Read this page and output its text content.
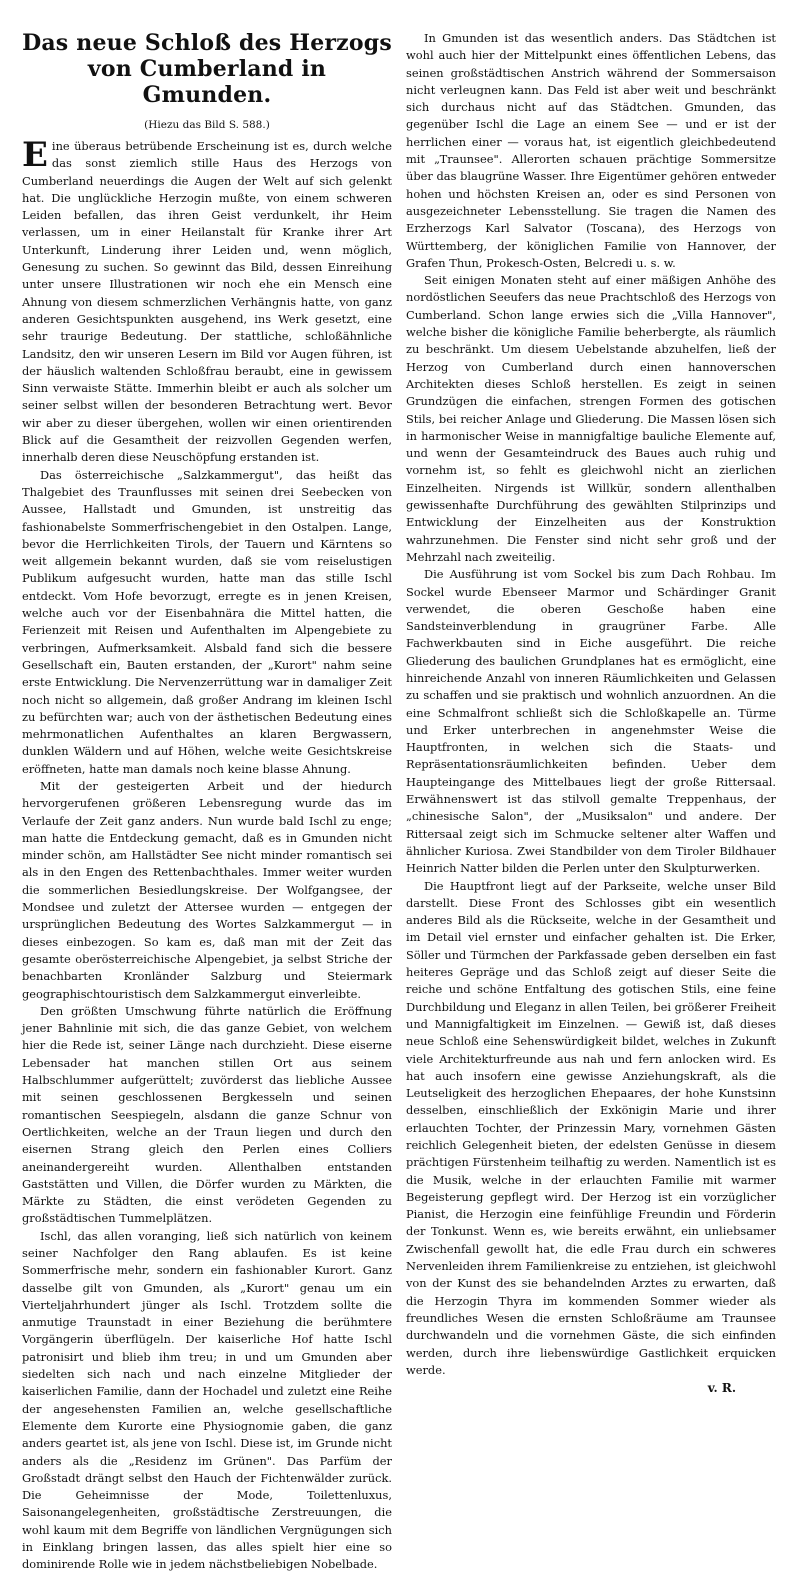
Das neue Schloß des Herzogs von Cumberland in Gmunden.
(Hiezu das Bild S. 588.)

Eine überaus betrübende Erscheinung ist es, durch welche das sonst ziemlich stille Haus des Herzogs von Cumberland neuerdings die Augen der Welt auf sich gelenkt hat. Die unglückliche Herzogin mußte, von einem schweren Leiden befallen, das ihren Geist verdunkelt, ihr Heim verlassen, um in einer Heilanstalt für Kranke ihrer Art Unterkunft, Linderung ihrer Leiden und, wenn möglich, Genesung zu suchen. So gewinnt das Bild, dessen Einreihung unter unsere Illustrationen wir noch ehe ein Mensch eine Ahnung von diesem schmerzlichen Verhängnis hatte, von ganz anderen Gesichtspunkten ausgehend, ins Werk gesetzt, eine sehr traurige Bedeutung. Der stattliche, schloßähnliche Landsitz, den wir unseren Lesern im Bild vor Augen führen, ist der häuslich waltenden Schloßfrau beraubt, eine in gewissem Sinn verwaiste Stätte. Immerhin bleibt er auch als solcher um seiner selbst willen der besonderen Betrachtung wert. Bevor wir aber zu dieser übergehen, wollen wir einen orientirenden Blick auf die Gesamtheit der reizvollen Gegenden werfen, innerhalb deren diese Neuschöpfung erstanden ist.

Das österreichische „Salzkammergut", das heißt das Thalgebiet des Traunflusses mit seinen drei Seebecken von Aussee, Hallstadt und Gmunden, ist unstreitig das fashionabelste Sommerfrischengebiet in den Ostalpen. Lange, bevor die Herrlichkeiten Tirols, der Tauern und Kärntens so weit allgemein bekannt wurden, daß sie vom reiselustigen Publikum aufgesucht wurden, hatte man das stille Ischl entdeckt. Vom Hofe bevorzugt, erregte es in jenen Kreisen, welche auch vor der Eisenbahnära die Mittel hatten, die Ferienzeit mit Reisen und Aufenthalten im Alpengebiete zu verbringen, Aufmerksamkeit. Alsbald fand sich die bessere Gesellschaft ein, Bauten erstanden, der „Kurort" nahm seine erste Entwicklung. Die Nervenzerrüttung war in damaliger Zeit noch nicht so allgemein, daß großer Andrang im kleinen Ischl zu befürchten war; auch von der ästhetischen Bedeutung eines mehrmonatlichen Aufenthaltes an klaren Bergwassern, dunklen Wäldern und auf Höhen, welche weite Gesichtskreise eröffneten, hatte man damals noch keine blasse Ahnung.

Mit der gesteigerten Arbeit und der hiedurch hervorgerufenen größeren Lebensregung wurde das im Verlaufe der Zeit ganz anders. Nun wurde bald Ischl zu enge; man hatte die Entdeckung gemacht, daß es in Gmunden nicht minder schön, am Hallstädter See nicht minder romantisch sei als in den Engen des Rettenbachthales. Immer weiter wurden die sommerlichen Besiedlungskreise. Der Wolfgangsee, der Mondsee und zuletzt der Attersee wurden — entgegen der ursprünglichen Bedeutung des Wortes Salzkammergut — in dieses einbezogen. So kam es, daß man mit der Zeit das gesamte oberösterreichische Alpengebiet, ja selbst Striche der benachbarten Kronländer Salzburg und Steiermark geographischtouristisch dem Salzkammergut einverleibte.

Den größten Umschwung führte natürlich die Eröffnung jener Bahnlinie mit sich, die das ganze Gebiet, von welchem hier die Rede ist, seiner Länge nach durchzieht. Diese eiserne Lebensader hat manchen stillen Ort aus seinem Halbschlummer aufgerüttelt; zuvörderst das liebliche Aussee mit seinen geschlossenen Bergkesseln und seinen romantischen Seespiegeln, alsdann die ganze Schnur von Oertlichkeiten, welche an der Traun liegen und durch den eisernen Strang gleich den Perlen eines Colliers aneinandergereiht wurden. Allenthalben entstanden Gaststätten und Villen, die Dörfer wurden zu Märkten, die Märkte zu Städten, die einst verödeten Gegenden zu großstädtischen Tummelplätzen.

Ischl, das allen voranging, ließ sich natürlich von keinem seiner Nachfolger den Rang ablaufen. Es ist keine Sommerfrische mehr, sondern ein fashionabler Kurort. Ganz dasselbe gilt von Gmunden, als „Kurort" genau um ein Vierteljahrhundert jünger als Ischl. Trotzdem sollte die anmutige Traunstadt in einer Beziehung die berühmtere Vorgängerin überflügeln. Der kaiserliche Hof hatte Ischl patronisirt und blieb ihm treu; in und um Gmunden aber siedelten sich nach und nach einzelne Mitglieder der kaiserlichen Familie, dann der Hochadel und zuletzt eine Reihe der angesehensten Familien an, welche gesellschaftliche Elemente dem Kurorte eine Physiognomie gaben, die ganz anders geartet ist, als jene von Ischl. Diese ist, im Grunde nicht anders als die „Residenz im Grünen". Das Parfüm der Großstadt drängt selbst den Hauch der Fichtenwälder zurück. Die Geheimnisse der Mode, Toilettenluxus, Saisonangelegenheiten, großstädtische Zerstreuungen, die wohl kaum mit dem Begriffe von ländlichen Vergnügungen sich in Einklang bringen lassen, das alles spielt hier eine so dominirende Rolle wie in jedem nächstbeliebigen Nobelbade.

In Gmunden ist das wesentlich anders. Das Städtchen ist wohl auch hier der Mittelpunkt eines öffentlichen Lebens, das seinen großstädtischen Anstrich während der Sommersaison nicht verleugnen kann. Das Feld ist aber weit und beschränkt sich durchaus nicht auf das Städtchen. Gmunden, das gegenüber Ischl die Lage an einem See — und er ist der herrlichen einer — voraus hat, ist eigentlich gleichbedeutend mit „Traunsee". Allerorten schauen prächtige Sommersitze über das blaugrüne Wasser. Ihre Eigentümer gehören entweder hohen und höchsten Kreisen an, oder es sind Personen von ausgezeichneter Lebensstellung. Sie tragen die Namen des Erzherzogs Karl Salvator (Toscana), des Herzogs von Württemberg, der königlichen Familie von Hannover, der Grafen Thun, Prokesch-Osten, Belcredi u. s. w.

Seit einigen Monaten steht auf einer mäßigen Anhöhe des nordöstlichen Seeufers das neue Prachtschloß des Herzogs von Cumberland. Schon lange erwies sich die „Villa Hannover", welche bisher die königliche Familie beherbergte, als räumlich zu beschränkt. Um diesem Uebelstande abzuhelfen, ließ der Herzog von Cumberland durch einen hannoverschen Architekten dieses Schloß herstellen. Es zeigt in seinen Grundzügen die einfachen, strengen Formen des gotischen Stils, bei reicher Anlage und Gliederung. Die Massen lösen sich in harmonischer Weise in mannigfaltige bauliche Elemente auf, und wenn der Gesamteindruck des Baues auch ruhig und vornehm ist, so fehlt es gleichwohl nicht an zierlichen Einzelheiten. Nirgends ist Willkür, sondern allenthalben gewissenhafte Durchführung des gewählten Stilprinzips und Entwicklung der Einzelheiten aus der Konstruktion wahrzunehmen. Die Fenster sind nicht sehr groß und der Mehrzahl nach zweiteilig.

Die Ausführung ist vom Sockel bis zum Dach Rohbau. Im Sockel wurde Ebenseer Marmor und Schärdinger Granit verwendet, die oberen Geschoße haben eine Sandsteinverblendung in graugrüner Farbe. Alle Fachwerkbauten sind in Eiche ausgeführt. Die reiche Gliederung des baulichen Grundplanes hat es ermöglicht, eine hinreichende Anzahl von inneren Räumlichkeiten und Gelassen zu schaffen und sie praktisch und wohnlich anzuordnen. An die eine Schmalfront schließt sich die Schloßkapelle an. Türme und Erker unterbrechen in angenehmster Weise die Hauptfronten, in welchen sich die Staats- und Repräsentationsräumlichkeiten befinden. Ueber dem Haupteingange des Mittelbaues liegt der große Rittersaal. Erwähnenswert ist das stilvoll gemalte Treppenhaus, der „chinesische Salon", der „Musiksalon" und andere. Der Rittersaal zeigt sich im Schmucke seltener alter Waffen und ähnlicher Kuriosa. Zwei Standbilder von dem Tiroler Bildhauer Heinrich Natter bilden die Perlen unter den Skulpturwerken.

Die Hauptfront liegt auf der Parkseite, welche unser Bild darstellt. Diese Front des Schlosses gibt ein wesentlich anderes Bild als die Rückseite, welche in der Gesamtheit und im Detail viel ernster und einfacher gehalten ist. Die Erker, Söller und Türmchen der Parkfassade geben derselben ein fast heiteres Gepräge und das Schloß zeigt auf dieser Seite die reiche und schöne Entfaltung des gotischen Stils, eine feine Durchbildung und Eleganz in allen Teilen, bei größerer Freiheit und Mannigfaltigkeit im Einzelnen. — Gewiß ist, daß dieses neue Schloß eine Sehenswürdigkeit bildet, welches in Zukunft viele Architekturfreunde aus nah und fern anlocken wird. Es hat auch insofern eine gewisse Anziehungskraft, als die Leutseligkeit des herzoglichen Ehepaares, der hohe Kunstsinn desselben, einschließlich der Exkönigin Marie und ihrer erlauchten Tochter, der Prinzessin Mary, vornehmen Gästen reichlich Gelegenheit bieten, der edelsten Genüsse in diesem prächtigen Fürstenheim teilhaftig zu werden. Namentlich ist es die Musik, welche in der erlauchten Familie mit warmer Begeisterung gepflegt wird. Der Herzog ist ein vorzüglicher Pianist, die Herzogin eine feinfühlige Freundin und Förderin der Tonkunst. Wenn es, wie bereits erwähnt, ein unliebsamer Zwischenfall gewollt hat, die edle Frau durch ein schweres Nervenleiden ihrem Familienkreise zu entziehen, ist gleichwohl von der Kunst des sie behandelnden Arztes zu erwarten, daß die Herzogin Thyra im kommenden Sommer wieder als freundliches Wesen die ernsten Schloßräume am Traunsee durchwandeln und die vornehmen Gäste, die sich einfinden werden, durch ihre liebenswürdige Gastlichkeit erquicken werde.

v. R.
